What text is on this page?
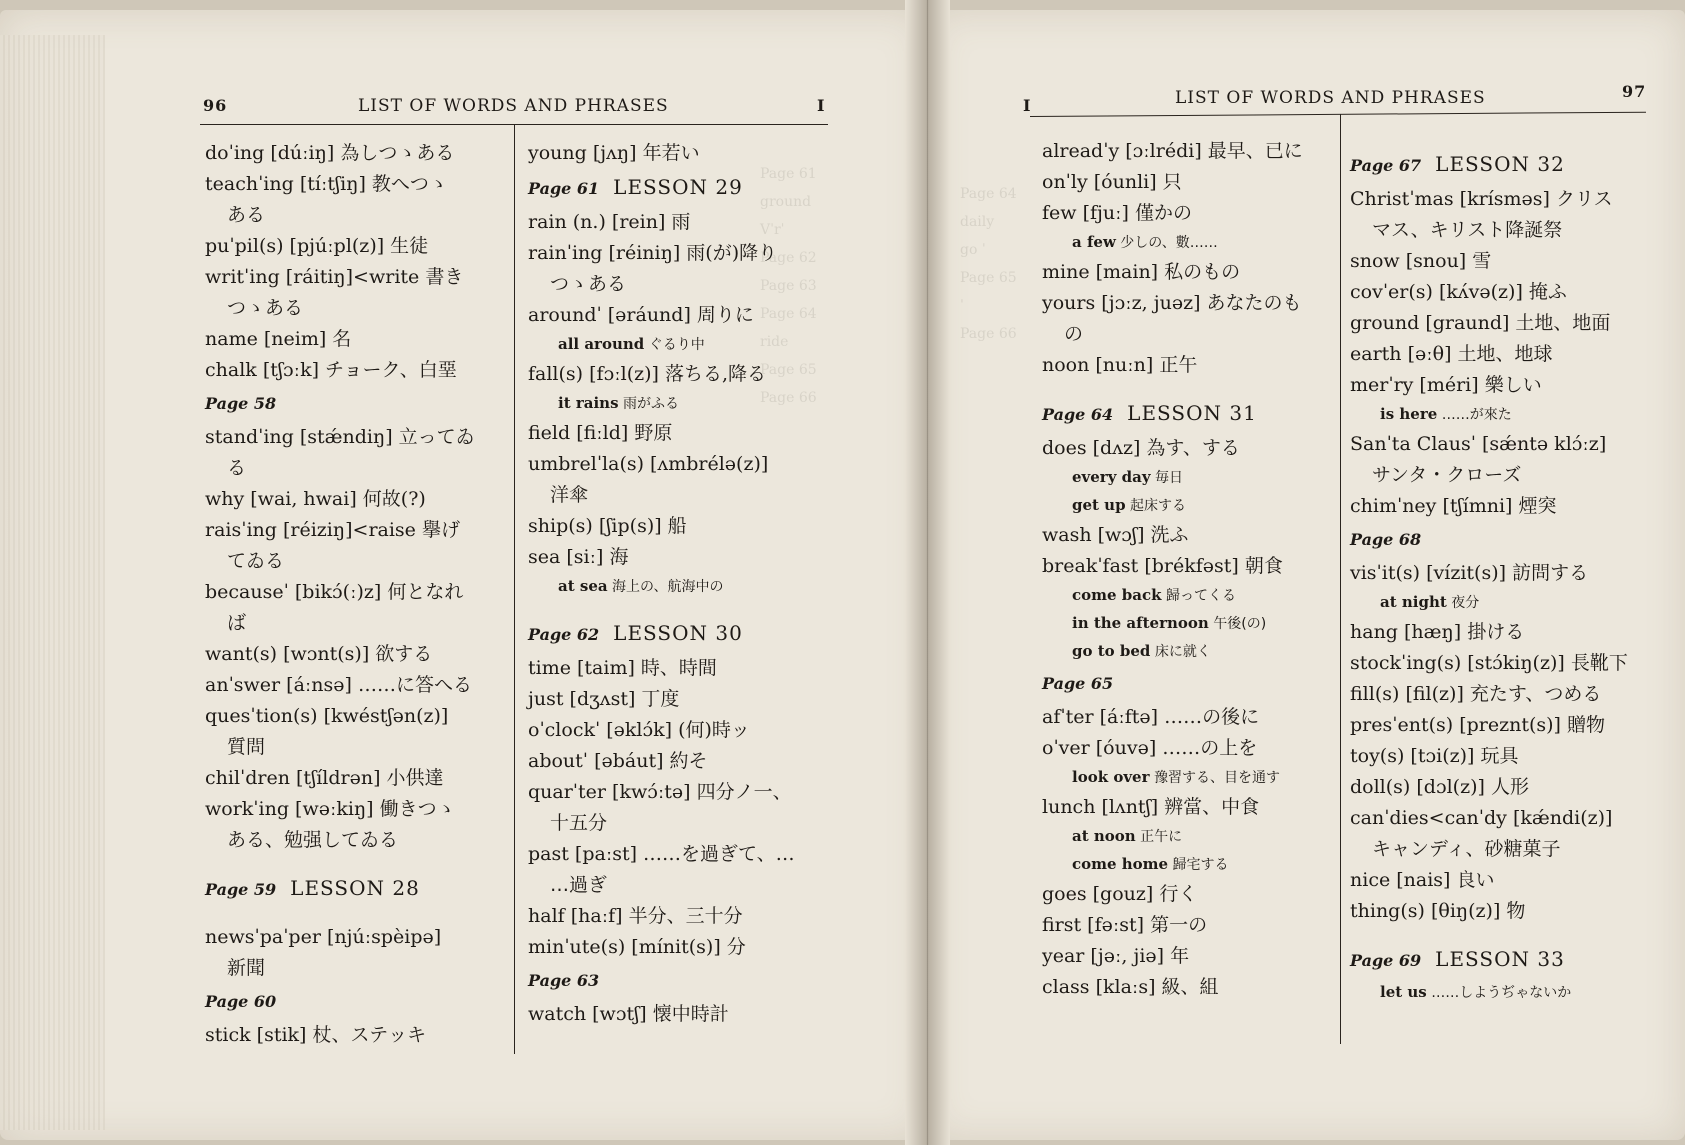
Page 61
ground
Vˈrˈ
Page 62
Page 63
Page 64
ride
Page 65
Page 66
Page 64
daily
go ˈ
Page 65
ˈ
Page 66
96	LIST OF WORDS AND PHRASES	I
doˈing [dúːiŋ] 為しつゝある
teachˈing [tíːtʃiŋ] 教へつゝ
ある
puˈpil(s) [pjúːpl(z)] 生徒
writˈing [ráitiŋ]<write 書き
つゝある
name [neim] 名
chalk [tʃɔːk] チョーク、白堊
Page 58
standˈing [stǽndiŋ] 立ってゐ
る
why [wai, hwai] 何故(?)
raisˈing [réiziŋ]<raise 擧げ
てゐる
becauseˈ [bikɔ́(ː)z] 何となれ
ば
want(s) [wɔnt(s)] 欲する
anˈswer [áːnsə] ……に答へる
quesˈtion(s) [kwéstʃən(z)]
質問
chilˈdren [tʃíldrən] 小供達
workˈing [wəːkiŋ] 働きつゝ
ある、勉强してゐる
Page 59 LESSON 28
newsˈpaˈper [njúːspèipə]
新聞
Page 60
stick [stik] 杖、ステッキ
young [jʌŋ] 年若い
Page 61 LESSON 29
rain (n.) [rein] 雨
rainˈing [réiniŋ] 雨(が)降り
つゝある
aroundˈ [əráund] 周りに
all around ぐるり中
fall(s) [fɔːl(z)] 落ちる,降る
it rains 雨がふる
field [fiːld] 野原
umbrelˈla(s) [ʌmbrélə(z)]
洋傘
ship(s) [ʃip(s)] 船
sea [siː] 海
at sea 海上の、航海中の
Page 62 LESSON 30
time [taim] 時、時間
just [dʒʌst] 丁度
oˈclockˈ [əklɔ́k] (何)時ッ
aboutˈ [əbáut] 約そ
quarˈter [kwɔ́ːtə] 四分ノ一、
十五分
past [paːst] ……を過ぎて、…
…過ぎ
half [haːf] 半分、三十分
minˈute(s) [mínit(s)] 分
Page 63
watch [wɔtʃ] 懐中時計
I	LIST OF WORDS AND PHRASES	97
alreadˈy [ɔːlrédi] 最早、已に
onˈly [óunli] 只
few [fjuː] 僅かの
a few 少しの、數……
mine [main] 私のもの
yours [jɔːz, juəz] あなたのも
の
noon [nuːn] 正午
Page 64 LESSON 31
does [dʌz] 為す、する
every day 毎日
get up 起床する
wash [wɔʃ] 洗ふ
breakˈfast [brékfəst] 朝食
come back 歸ってくる
in the afternoon 午後(の)
go to bed 床に就く
Page 65
afˈter [áːftə] ……の後に
oˈver [óuvə] ……の上を
look over 豫習する、目を通す
lunch [lʌntʃ] 辨當、中食
at noon 正午に
come home 歸宅する
goes [gouz] 行く
first [fəːst] 第一の
year [jəː, jiə] 年
class [klaːs] 級、組
Page 67 LESSON 32
Christˈmas [krísməs] クリス
マス、キリスト降誕祭
snow [snou] 雪
covˈer(s) [kʌ́və(z)] 掩ふ
ground [graund] 土地、地面
earth [əːθ] 土地、地球
merˈry [méri] 樂しい
is here ……が來た
Sanˈta Clausˈ [sǽntə klɔ́ːz]
サンタ・クローズ
chimˈney [tʃímni] 煙突
Page 68
visˈit(s) [vízit(s)] 訪問する
at night 夜分
hang [hæŋ] 掛ける
stockˈing(s) [stɔ́kiŋ(z)] 長靴下
fill(s) [fil(z)] 充たす、つめる
presˈent(s) [preznt(s)] 贈物
toy(s) [tɔi(z)] 玩具
doll(s) [dɔl(z)] 人形
canˈdies<canˈdy [kǽndi(z)]
キャンディ、砂糖菓子
nice [nais] 良い
thing(s) [θiŋ(z)] 物
Page 69 LESSON 33
let us ……しようぢゃないか
